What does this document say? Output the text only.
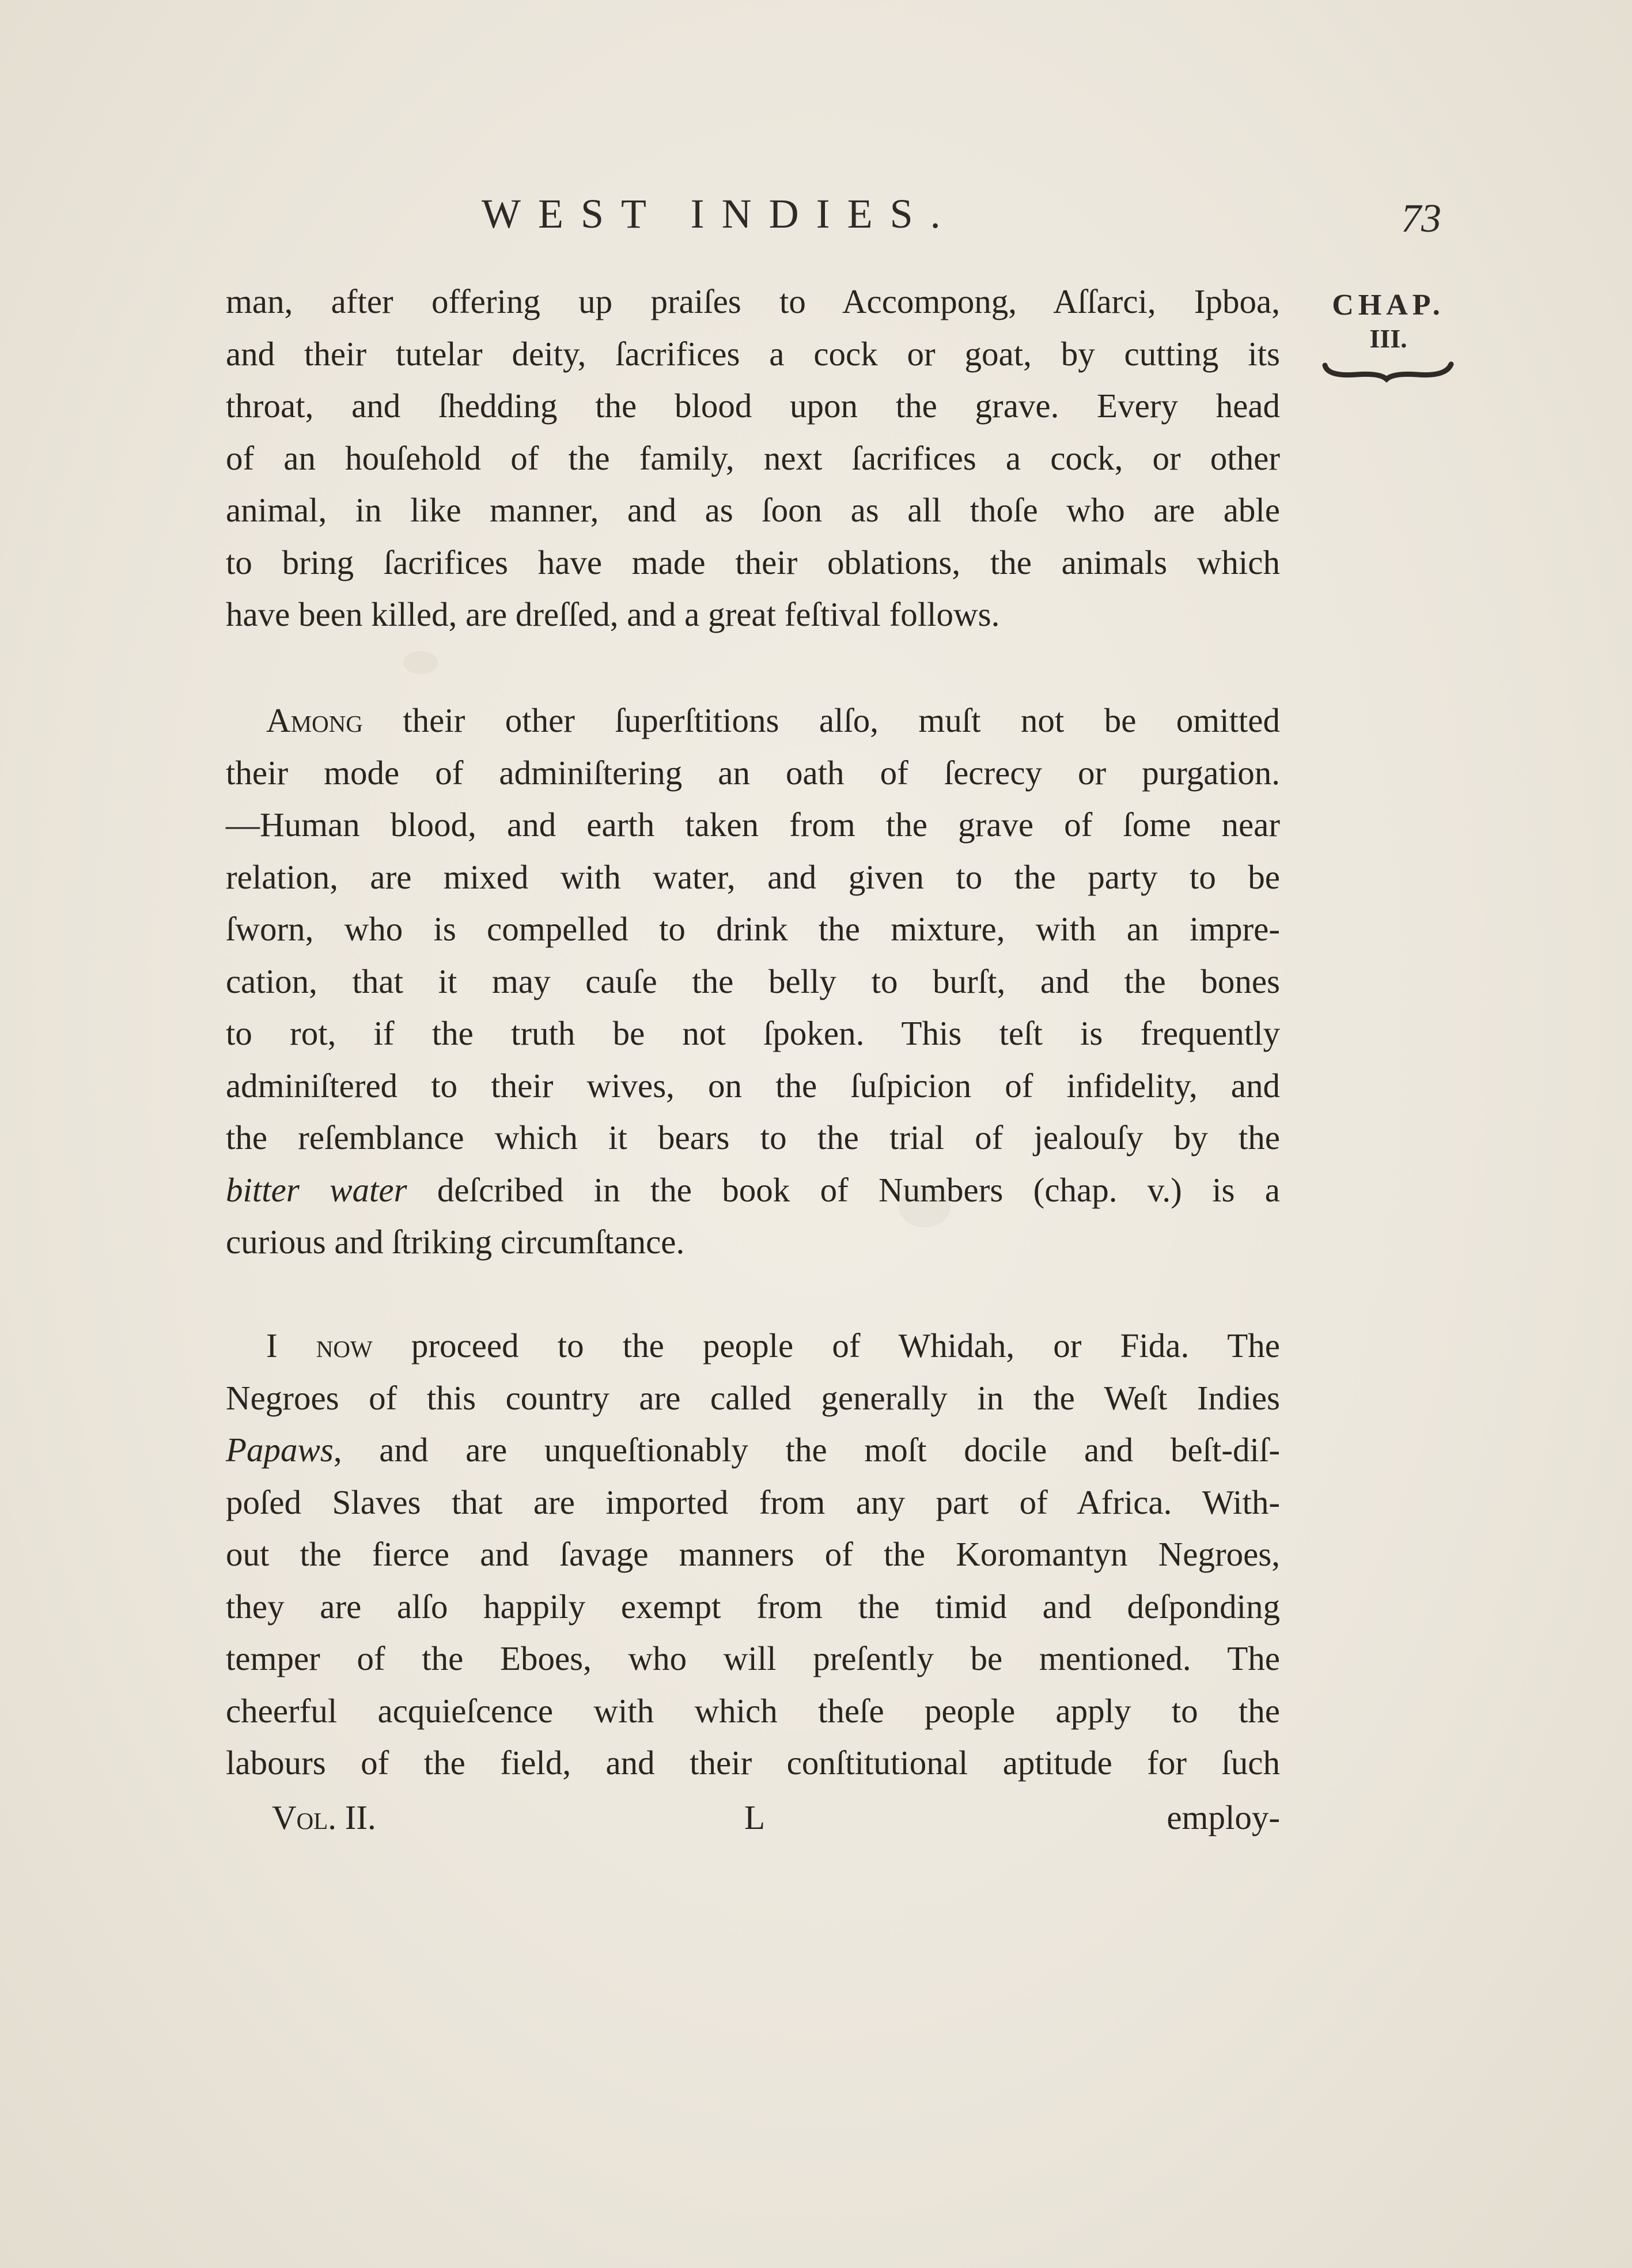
WEST INDIES.	73
CHAP.
III.
man, after offering up praiſes to Accompong, Aſſarci, Ipboa,
and their tutelar deity, ſacrifices a cock or goat, by cutting its
throat, and ſhedding the blood upon the grave. Every head
of an houſehold of the family, next ſacrifices a cock, or other
animal, in like manner, and as ſoon as all thoſe who are able
to bring ſacrifices have made their oblations, the animals which
have been killed, are dreſſed, and a great feſtival follows.
Among their other ſuperſtitions alſo, muſt not be omitted
their mode of adminiſtering an oath of ſecrecy or purgation.
—Human blood, and earth taken from the grave of ſome near
relation, are mixed with water, and given to the party to be
ſworn, who is compelled to drink the mixture, with an impre-
cation, that it may cauſe the belly to burſt, and the bones
to rot, if the truth be not ſpoken. This teſt is frequently
adminiſtered to their wives, on the ſuſpicion of infidelity, and
the reſemblance which it bears to the trial of jealouſy by the
bitter water deſcribed in the book of Numbers (chap. v.) is a
curious and ſtriking circumſtance.
I now proceed to the people of Whidah, or Fida. The
Negroes of this country are called generally in the Weſt Indies
Papaws, and are unqueſtionably the moſt docile and beſt-diſ-
poſed Slaves that are imported from any part of Africa. With-
out the fierce and ſavage manners of the Koromantyn Negroes,
they are alſo happily exempt from the timid and deſponding
temper of the Eboes, who will preſently be mentioned. The
cheerful acquieſcence with which theſe people apply to the
labours of the field, and their conſtitutional aptitude for ſuch
Vol. II.	L	employ-
